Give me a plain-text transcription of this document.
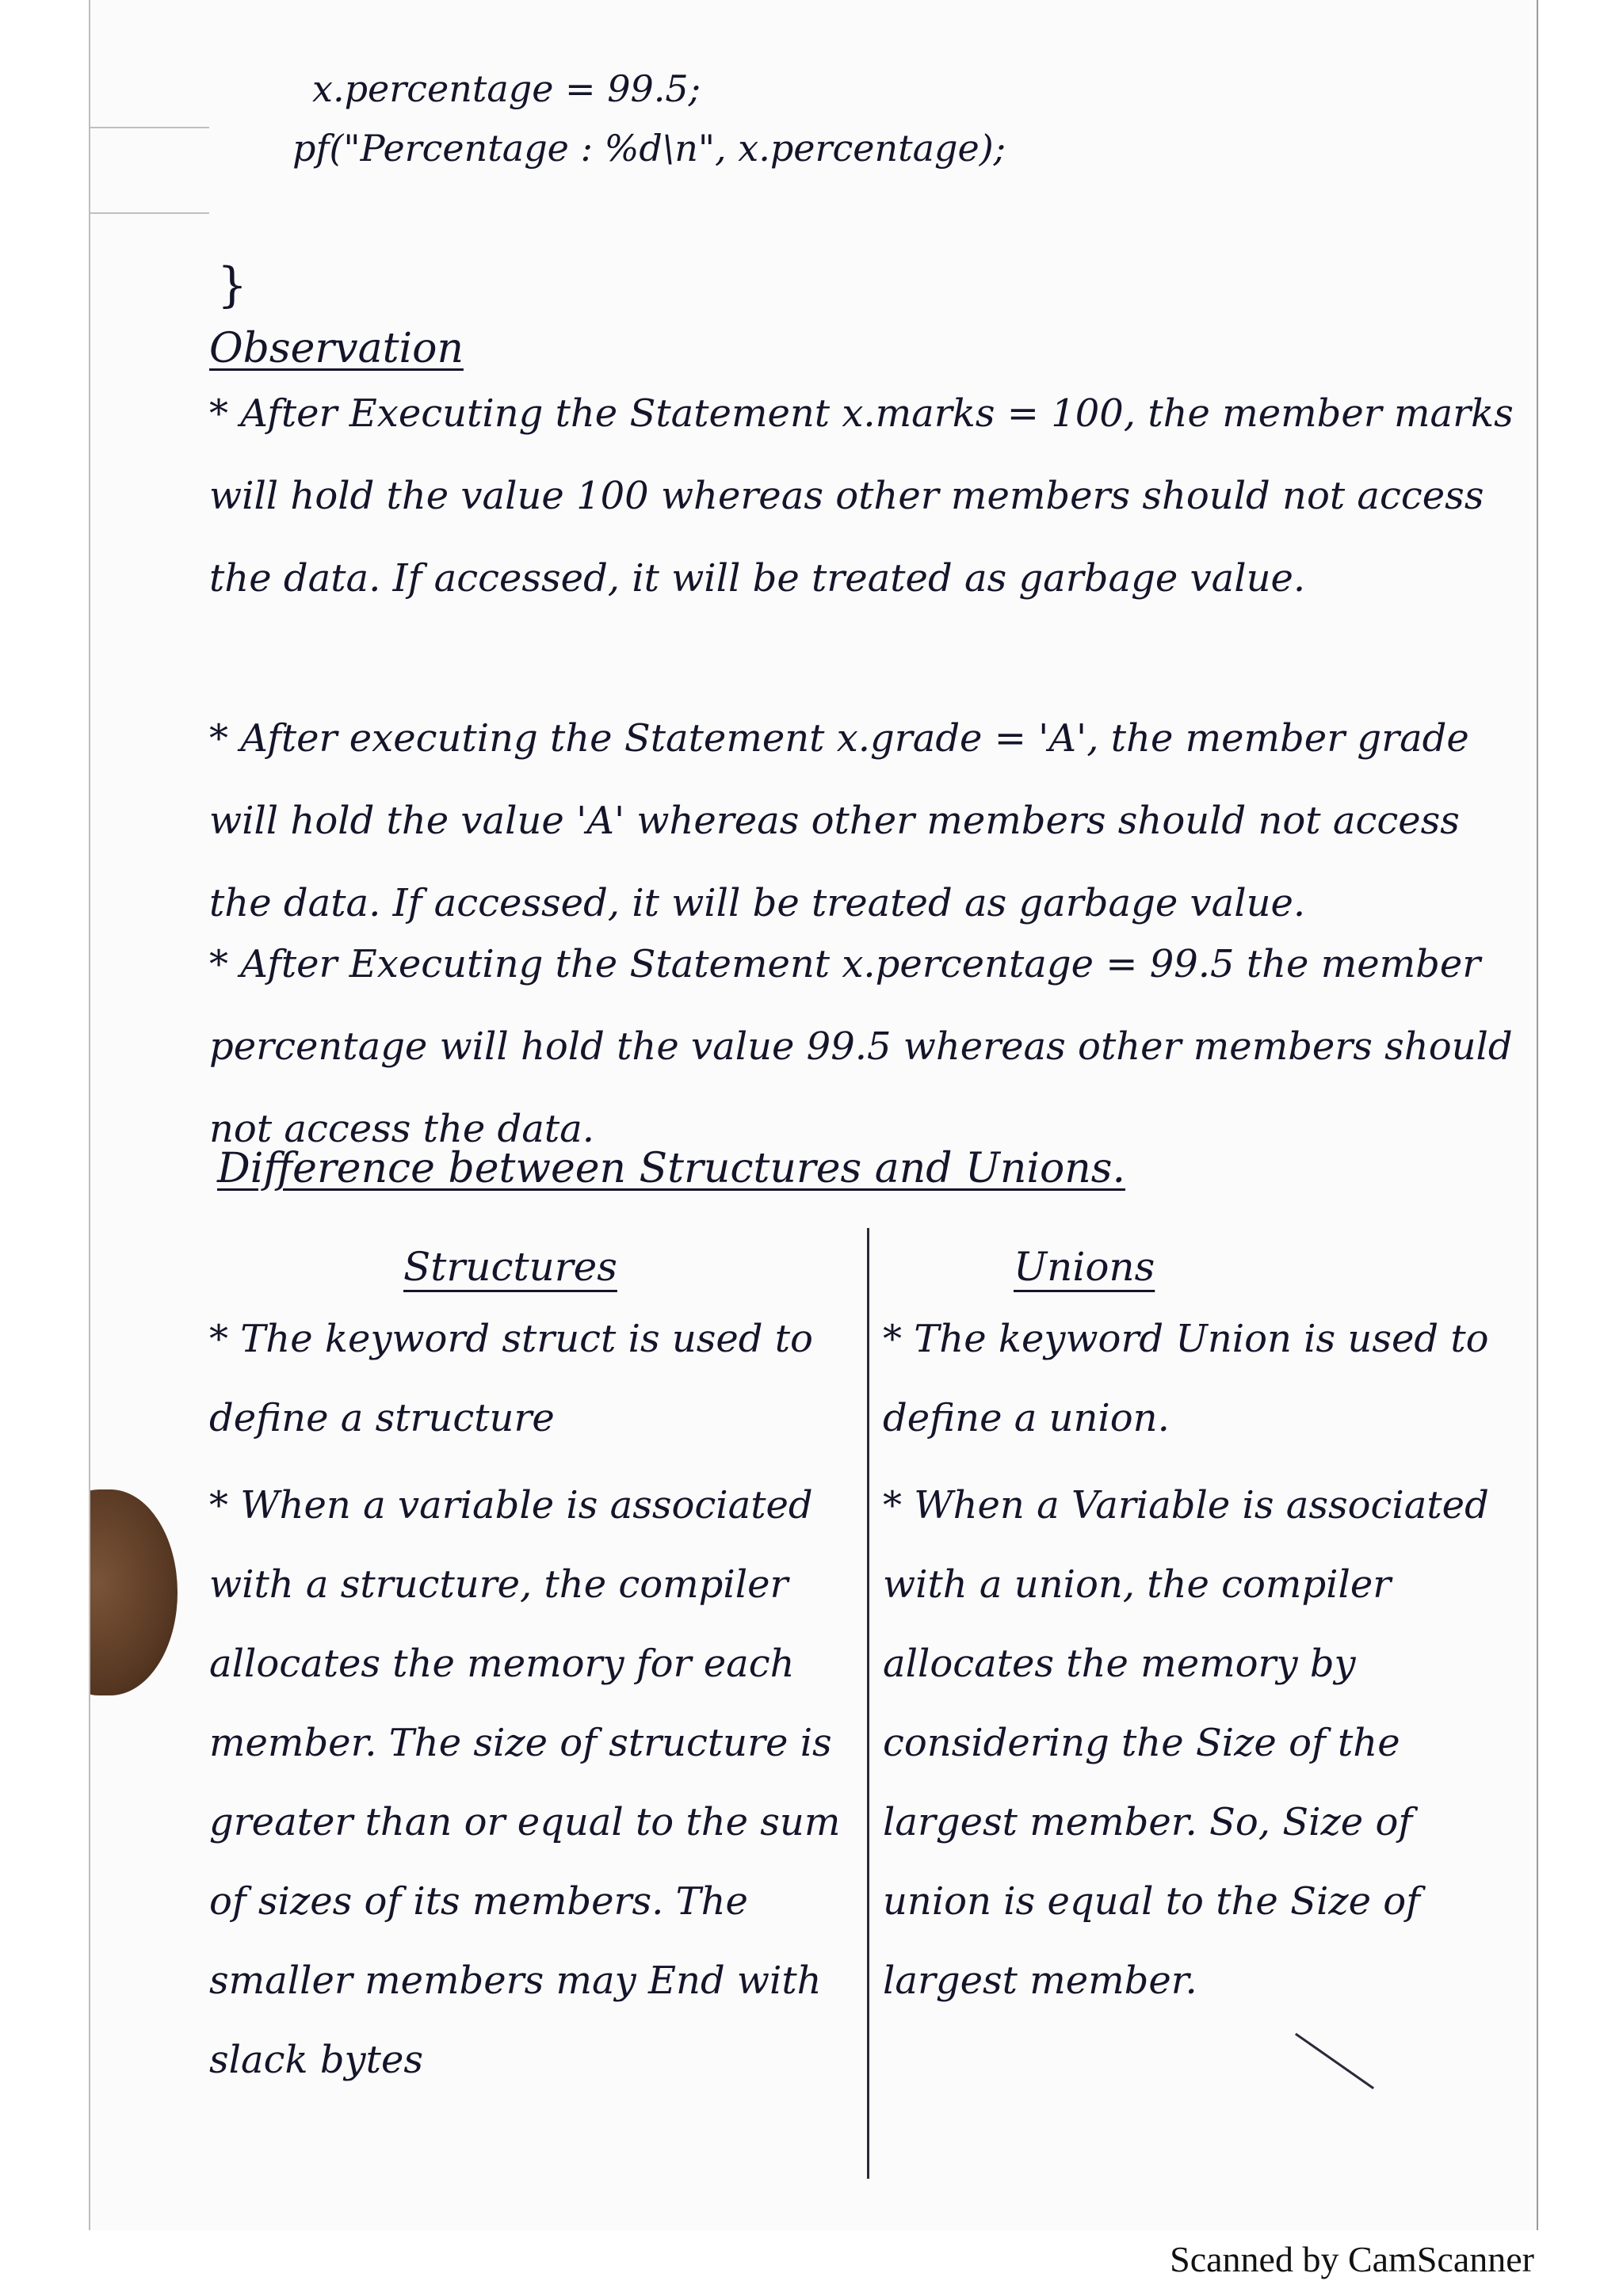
x.percentage = 99.5;
pf("Percentage : %d\n", x.percentage);
}
Observation
* After Executing the Statement x.marks = 100, the member marks will hold the value 100 whereas other members should not access the data. If accessed, it will be treated as garbage value.
* After executing the Statement x.grade = 'A', the member grade will hold the value 'A' whereas other members should not access the data. If accessed, it will be treated as garbage value.
* After Executing the Statement x.percentage = 99.5 the member percentage will hold the value 99.5 whereas other members should not access the data.
Difference between Structures and Unions.
Structures	Unions
* The keyword struct is used to define a structure
* When a variable is associated with a structure, the compiler allocates the memory for each member. The size of structure is greater than or equal to the sum of sizes of its members. The smaller members may End with slack bytes
* The keyword Union is used to define a union.
* When a Variable is associated with a union, the compiler allocates the memory by considering the Size of the largest member. So, Size of union is equal to the Size of largest member.
Scanned by CamScanner
